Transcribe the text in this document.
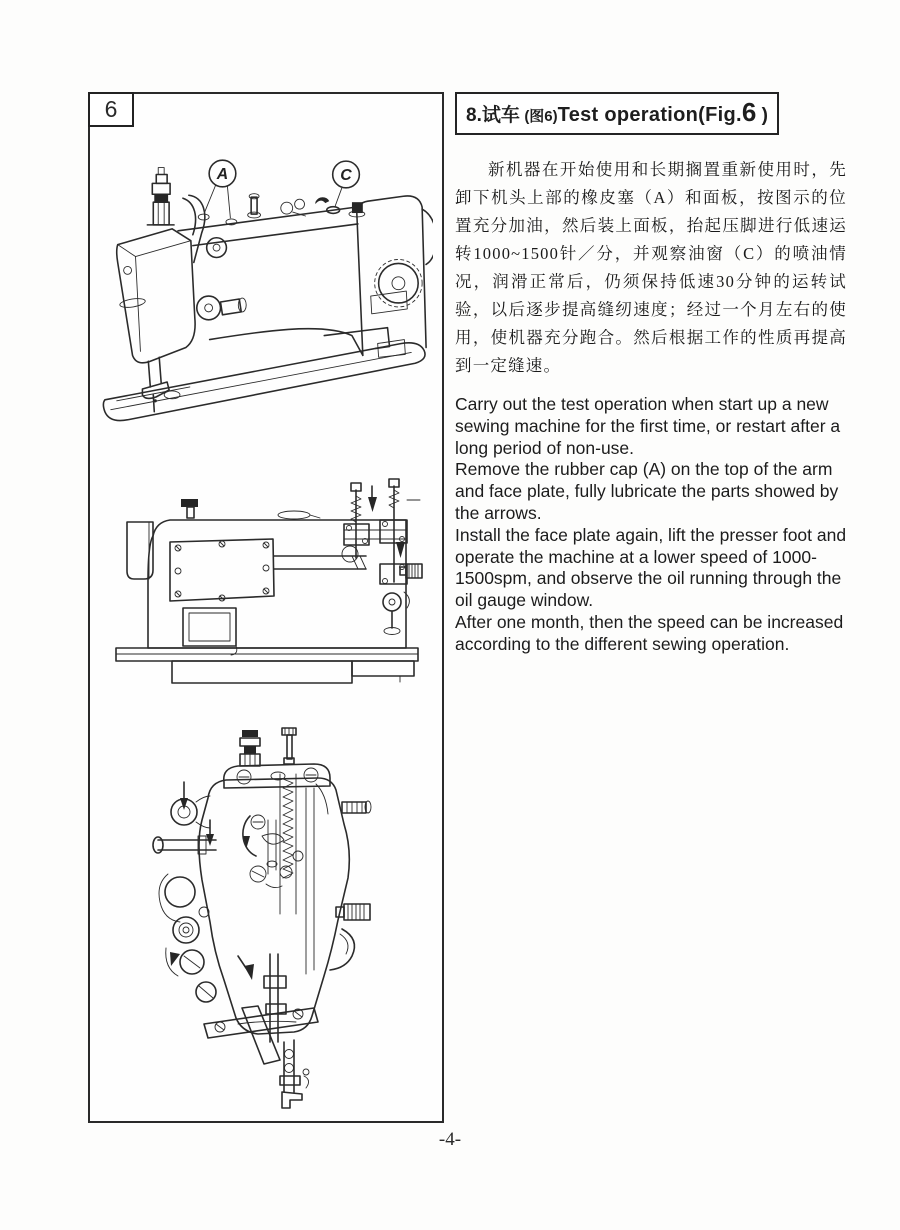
6
A	C
8.试车 (图6)Test operation(Fig.6 )

新机器在开始使用和长期搁置重新使用时，先卸下机头上部的橡皮塞（A）和面板，按图示的位置充分加油，然后装上面板，抬起压脚进行低速运转1000~1500针／分，并观察油窗（C）的喷油情况，润滑正常后，仍须保持低速30分钟的运转试验，以后逐步提高缝纫速度；经过一个月左右的使用，使机器充分跑合。然后根据工作的性质再提高到一定缝速。

Carry out the test operation when start up a new sewing machine for the first time, or restart after a long period of non-use.

Remove the rubber cap (A) on the top of the arm and face plate, fully lubricate the parts showed by the arrows.

Install the face plate again, lift the presser foot and operate the machine at a lower speed of 1000-1500spm, and observe the oil running through the oil gauge window.

After one month, then the speed can be increased according to the different sewing operation.

-4-
